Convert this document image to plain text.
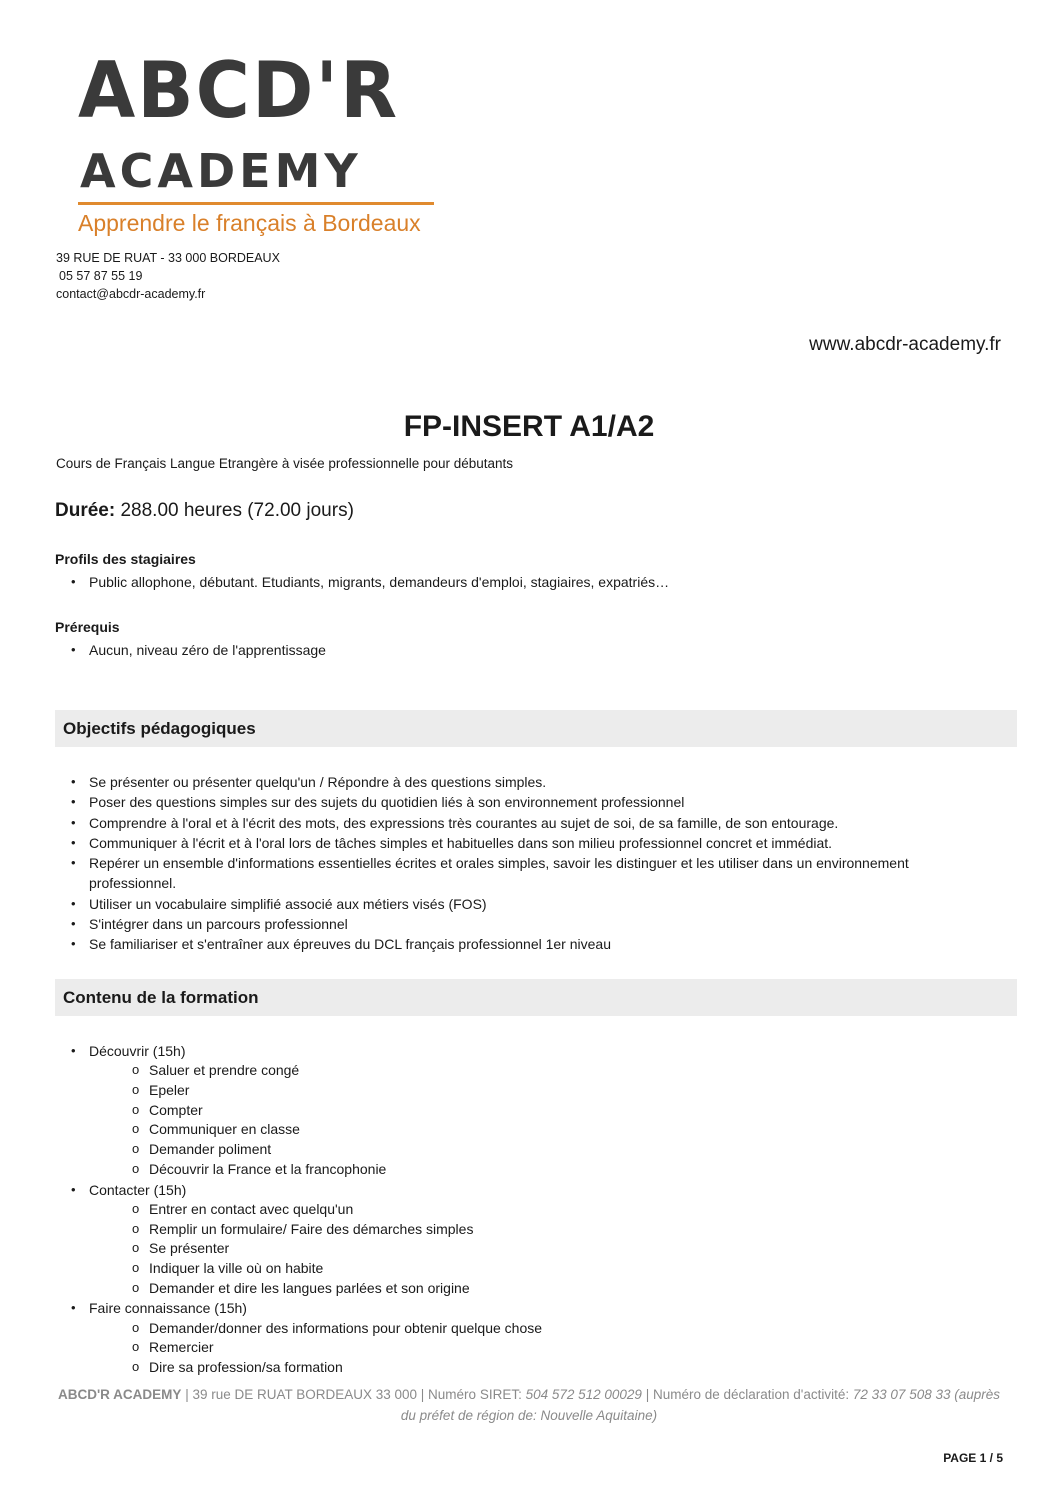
ABCD'R
ACADEMY
Apprendre le français à Bordeaux
39 RUE DE RUAT - 33 000 BORDEAUX
05 57 87 55 19
contact@abcdr-academy.fr
www.abcdr-academy.fr
FP-INSERT A1/A2
Cours de Français Langue Etrangère à visée professionnelle pour débutants
Durée: 288.00 heures (72.00 jours)
Profils des stagiaires
• Public allophone, débutant. Etudiants, migrants, demandeurs d'emploi, stagiaires, expatriés…
Prérequis
• Aucun, niveau zéro de l'apprentissage
Objectifs pédagogiques
• Se présenter ou présenter quelqu'un / Répondre à des questions simples.
• Poser des questions simples sur des sujets du quotidien liés à son environnement professionnel
• Comprendre à l'oral et à l'écrit des mots, des expressions très courantes au sujet de soi, de sa famille, de son entourage.
• Communiquer à l'écrit et à l'oral lors de tâches simples et habituelles dans son milieu professionnel concret et immédiat.
• Repérer un ensemble d'informations essentielles écrites et orales simples, savoir les distinguer et les utiliser dans un environnement professionnel.
• Utiliser un vocabulaire simplifié associé aux métiers visés (FOS)
• S'intégrer dans un parcours professionnel
• Se familiariser et s'entraîner aux épreuves du DCL français professionnel 1er niveau
Contenu de la formation
• Découvrir (15h)
o Saluer et prendre congé
o Epeler
o Compter
o Communiquer en classe
o Demander poliment
o Découvrir la France et la francophonie
• Contacter (15h)
o Entrer en contact avec quelqu'un
o Remplir un formulaire/ Faire des démarches simples
o Se présenter
o Indiquer la ville où on habite
o Demander et dire les langues parlées et son origine
• Faire connaissance (15h)
o Demander/donner des informations pour obtenir quelque chose
o Remercier
o Dire sa profession/sa formation
ABCD'R ACADEMY | 39 rue DE RUAT BORDEAUX 33 000 | Numéro SIRET: 504 572 512 00029 | Numéro de déclaration d'activité: 72 33 07 508 33 (auprès du préfet de région de: Nouvelle Aquitaine)
PAGE 1 / 5
